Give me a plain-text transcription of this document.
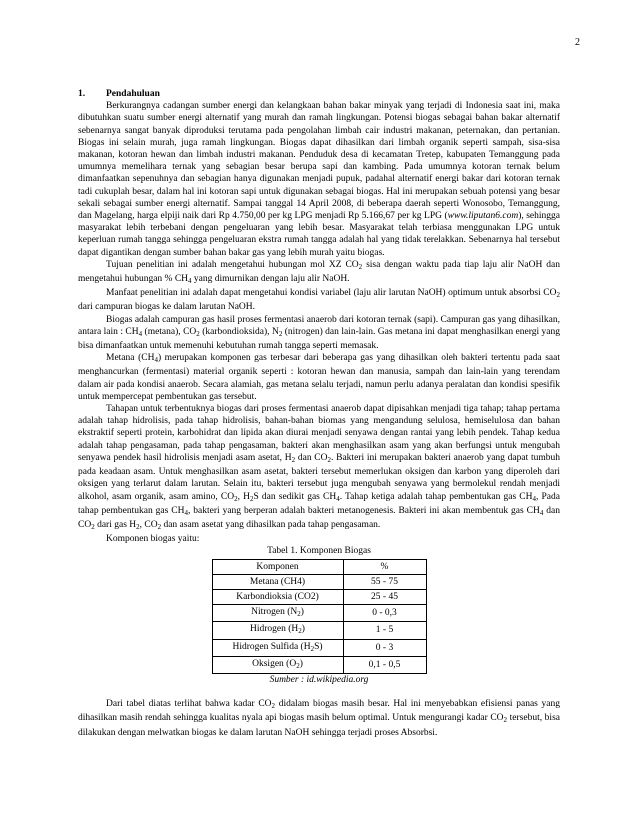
2
1.	Pendahuluan

Berkurangnya cadangan sumber energi dan kelangkaan bahan bakar minyak yang terjadi di Indonesia saat ini, maka dibutuhkan suatu sumber energi alternatif yang murah dan ramah lingkungan. Potensi biogas sebagai bahan bakar alternatif sebenarnya sangat banyak diproduksi terutama pada pengolahan limbah cair industri makanan, peternakan, dan pertanian. Biogas ini selain murah, juga ramah lingkungan. Biogas dapat dihasilkan dari limbah organik seperti sampah, sisa-sisa makanan, kotoran hewan dan limbah industri makanan. Penduduk desa di kecamatan Tretep, kabupaten Temanggung pada umumnya memelihara ternak yang sebagian besar berupa sapi dan kambing. Pada umumnya kotoran ternak belum dimanfaatkan sepenuhnya dan sebagian hanya digunakan menjadi pupuk, padahal alternatif energi bakar dari kotoran ternak tadi cukuplah besar, dalam hal ini kotoran sapi untuk digunakan sebagai biogas. Hal ini merupakan sebuah potensi yang besar sekali sebagai sumber energi alternatif. Sampai tanggal 14 April 2008, di beberapa daerah seperti Wonosobo, Temanggung, dan Magelang, harga elpiji naik dari Rp 4.750,00 per kg LPG menjadi Rp 5.166,67 per kg LPG (www.liputan6.com), sehingga masyarakat lebih terbebani dengan pengeluaran yang lebih besar. Masyarakat telah terbiasa menggunakan LPG untuk keperluan rumah tangga sehingga pengeluaran ekstra rumah tangga adalah hal yang tidak terelakkan. Sebenarnya hal tersebut dapat digantikan dengan sumber bahan bakar gas yang lebih murah yaitu biogas.

Tujuan penelitian ini adalah mengetahui hubungan mol XZ $CO_2$ sisa dengan waktu pada tiap laju alir NaOH dan mengetahui hubungan % $CH_4$ yang dimurnikan dengan laju alir NaOH.

Manfaat penelitian ini adalah dapat mengetahui kondisi variabel (laju alir larutan NaOH) optimum untuk absorbsi $CO_2$ dari campuran biogas ke dalam larutan NaOH.

Biogas adalah campuran gas hasil proses fermentasi anaerob dari kotoran ternak (sapi). Campuran gas yang dihasilkan, antara lain : $CH_4$ (metana), $CO_2$ (karbondioksida), $N_2$ (nitrogen) dan lain-lain. Gas metana ini dapat menghasilkan energi yang bisa dimanfaatkan untuk memenuhi kebutuhan rumah tangga seperti memasak.

Metana $(CH_4)$ merupakan komponen gas terbesar dari beberapa gas yang dihasilkan oleh bakteri tertentu pada saat menghancurkan (fermentasi) material organik seperti : kotoran hewan dan manusia, sampah dan lain-lain yang terendam dalam air pada kondisi anaerob. Secara alamiah, gas metana selalu terjadi, namun perlu adanya peralatan dan kondisi spesifik untuk mempercepat pembentukan gas tersebut.

Tahapan untuk terbentuknya biogas dari proses fermentasi anaerob dapat dipisahkan menjadi tiga tahap; tahap pertama adalah tahap hidrolisis, pada tahap hidrolisis, bahan-bahan biomas yang mengandung selulosa, hemiselulosa dan bahan ekstraktif seperti protein, karbohidrat dan lipida akan diurai menjadi senyawa dengan rantai yang lebih pendek. Tahap kedua adalah tahap pengasaman, pada tahap pengasaman, bakteri akan menghasilkan asam yang akan berfungsi untuk mengubah senyawa pendek hasil hidrolisis menjadi asam asetat, $H_2$ dan $CO_2$. Bakteri ini merupakan bakteri anaerob yang dapat tumbuh pada keadaan asam. Untuk menghasilkan asam asetat, bakteri tersebut memerlukan oksigen dan karbon yang diperoleh dari oksigen yang terlarut dalam larutan. Selain itu, bakteri tersebut juga mengubah senyawa yang bermolekul rendah menjadi alkohol, asam organik, asam amino, $CO_2$, $H_2S$ dan sedikit gas $CH_4$. Tahap ketiga adalah tahap pembentukan gas $CH_4$, Pada tahap pembentukan gas $CH_4$, bakteri yang berperan adalah bakteri metanogenesis. Bakteri ini akan membentuk gas $CH_4$ dan $CO_2$ dari gas $H_2$, $CO_2$ dan asam asetat yang dihasilkan pada tahap pengasaman.

Komponen biogas yaitu:

Tabel 1. Komponen Biogas
Komponen	%
Metana (CH4)	55 - 75
Karbondioksia (CO2)	25 - 45
Nitrogen $(N_2)$	0 - 0,3
Hidrogen $(H_2)$	1 - 5
Hidrogen Sulfida $(H_2S)$	0 - 3
Oksigen $(O_2)$	0,1 - 0,5
Sumber : id.wikipedia.org

Dari tabel diatas terlihat bahwa kadar $CO_2$ didalam biogas masih besar. Hal ini menyebabkan efisiensi panas yang dihasilkan masih rendah sehingga kualitas nyala api biogas masih belum optimal. Untuk mengurangi kadar $CO_2$ tersebut, bisa dilakukan dengan melwatkan biogas ke dalam larutan NaOH sehingga terjadi proses Absorbsi.
